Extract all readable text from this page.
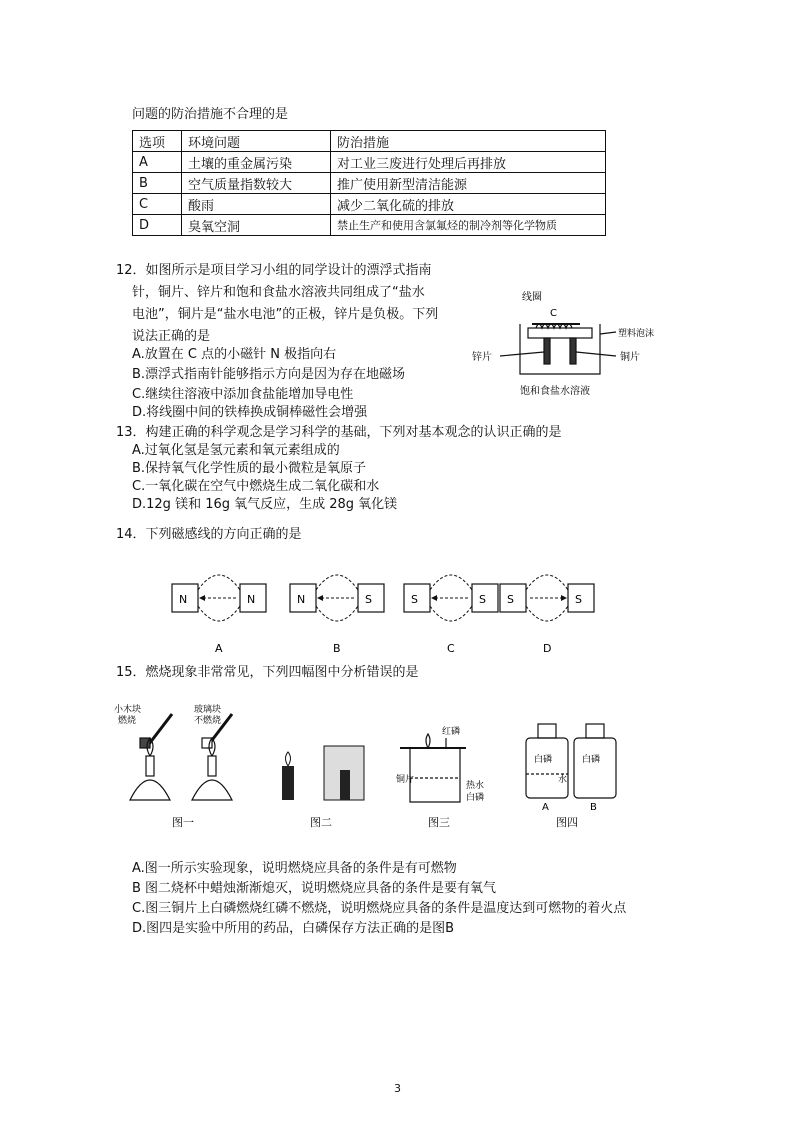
问题的防治措施不合理的是
选项	环境问题	防治措施
A	土壤的重金属污染	对工业三废进行处理后再排放
B	空气质量指数较大	推广使用新型清洁能源
C	酸雨	减少二氧化硫的排放
D	臭氧空洞	禁止生产和使用含氯氟烃的制冷剂等化学物质
12．如图所示是项目学习小组的同学设计的漂浮式指南
针，铜片、锌片和饱和食盐水溶液共同组成了“盐水
电池”，铜片是“盐水电池”的正极，锌片是负极。下列
说法正确的是
A.放置在 C 点的小磁针 N 极指向右
B.漂浮式指南针能够指示方向是因为存在地磁场
C.继续往溶液中添加食盐能增加导电性
D.将线圈中间的铁棒换成铜棒磁性会增强
线圈
C
塑料泡沫
铜片
锌片
饱和食盐水溶液
13．构建正确的科学观念是学习科学的基础，下列对基本观念的认识正确的是
A.过氧化氢是氢元素和氧元素组成的
B.保持氧气化学性质的最小微粒是氧原子
C.一氧化碳在空气中燃烧生成二氧化碳和水
D.12g 镁和 16g 氧气反应，生成 28g 氧化镁
14．下列磁感线的方向正确的是
N	N
A
N	S
B
S	S
C
S	S
D
15．燃烧现象非常常见，下列四幅图中分析错误的是
小木块
燃烧
玻璃块
不燃烧
图一	图二
红磷
铜片
热水
白磷
图三
白磷
水
白磷
A	B
图四
A.图一所示实验现象，说明燃烧应具备的条件是有可燃物
B 图二烧杯中蜡烛渐渐熄灭，说明燃烧应具备的条件是要有氧气
C.图三铜片上白磷燃烧红磷不燃烧，说明燃烧应具备的条件是温度达到可燃物的着火点
D.图四是实验中所用的药品，白磷保存方法正确的是图B
3
